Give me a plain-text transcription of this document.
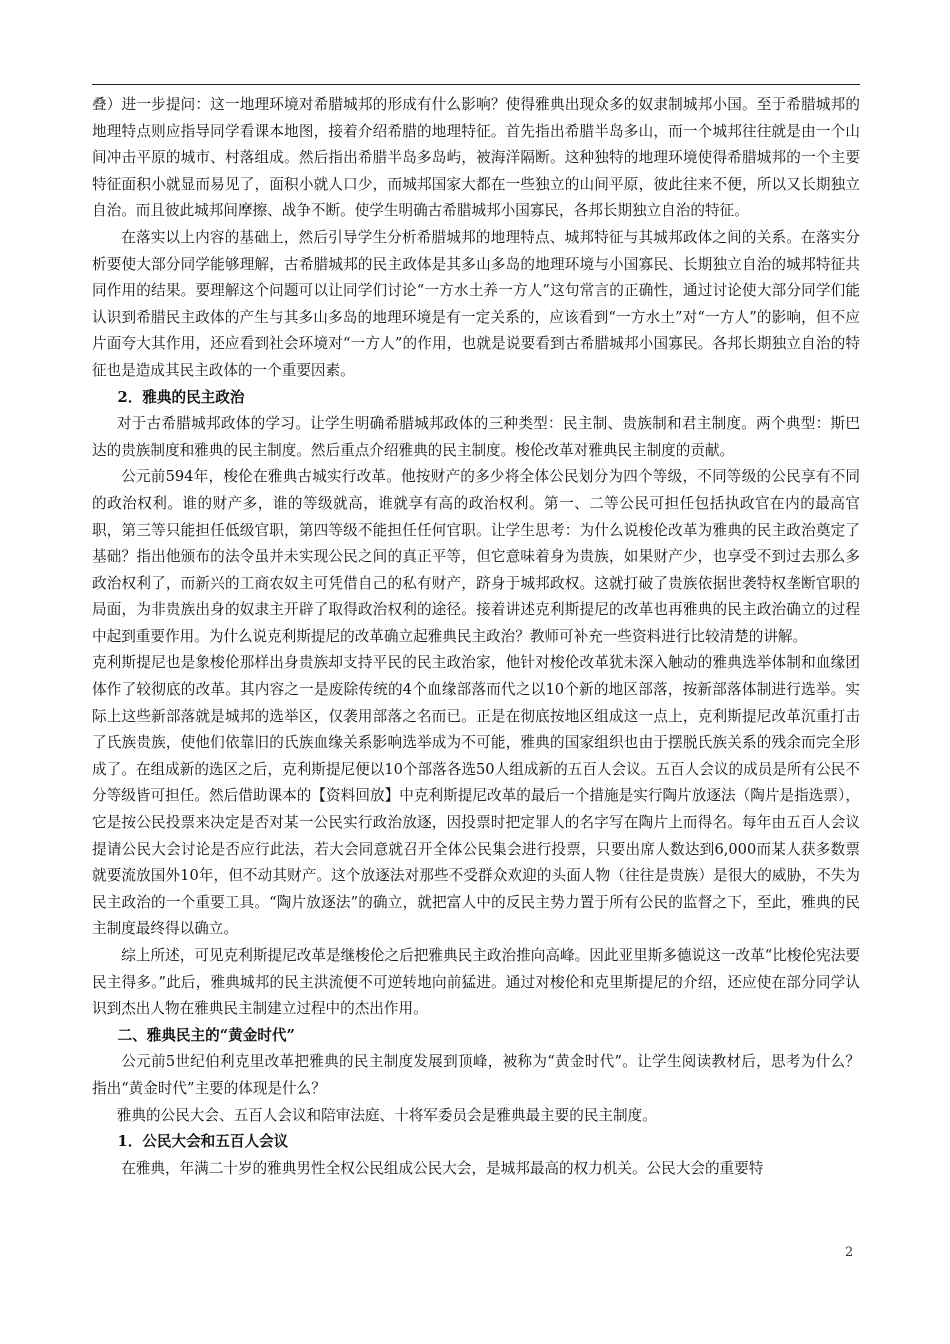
叠）进一步提问：这一地理环境对希腊城邦的形成有什么影响？使得雅典出现众多的奴隶制城邦小国。至于希腊城邦的地理特点则应指导同学看课本地图，接着介绍希腊的地理特征。首先指出希腊半岛多山，而一个城邦往往就是由一个山间冲击平原的城市、村落组成。然后指出希腊半岛多岛屿，被海洋隔断。这种独特的地理环境使得希腊城邦的一个主要特征面积小就显而易见了，面积小就人口少，而城邦国家大都在一些独立的山间平原，彼此往来不便，所以又长期独立自治。而且彼此城邦间摩擦、战争不断。使学生明确古希腊城邦小国寡民，各邦长期独立自治的特征。

在落实以上内容的基础上，然后引导学生分析希腊城邦的地理特点、城邦特征与其城邦政体之间的关系。在落实分析要使大部分同学能够理解，古希腊城邦的民主政体是其多山多岛的地理环境与小国寡民、长期独立自治的城邦特征共同作用的结果。要理解这个问题可以让同学们讨论“一方水土养一方人”这句常言的正确性，通过讨论使大部分同学们能认识到希腊民主政体的产生与其多山多岛的地理环境是有一定关系的，应该看到“一方水土”对“一方人”的影响，但不应片面夸大其作用，还应看到社会环境对“一方人”的作用，也就是说要看到古希腊城邦小国寡民。各邦长期独立自治的特征也是造成其民主政体的一个重要因素。

2．雅典的民主政治

对于古希腊城邦政体的学习。让学生明确希腊城邦政体的三种类型：民主制、贵族制和君主制度。两个典型：斯巴达的贵族制度和雅典的民主制度。然后重点介绍雅典的民主制度。梭伦改革对雅典民主制度的贡献。

公元前594年，梭伦在雅典古城实行改革。他按财产的多少将全体公民划分为四个等级，不同等级的公民享有不同的政治权利。谁的财产多，谁的等级就高，谁就享有高的政治权利。第一、二等公民可担任包括执政官在内的最高官职，第三等只能担任低级官职，第四等级不能担任任何官职。让学生思考：为什么说梭伦改革为雅典的民主政治奠定了基础？指出他颁布的法令虽并未实现公民之间的真正平等，但它意味着身为贵族，如果财产少，也享受不到过去那么多政治权利了，而新兴的工商农奴主可凭借自己的私有财产，跻身于城邦政权。这就打破了贵族依据世袭特权垄断官职的局面，为非贵族出身的奴隶主开辟了取得政治权利的途径。接着讲述克利斯提尼的改革也再雅典的民主政治确立的过程中起到重要作用。为什么说克利斯提尼的改革确立起雅典民主政治？教师可补充一些资料进行比较清楚的讲解。

克利斯提尼也是象梭伦那样出身贵族却支持平民的民主政治家，他针对梭伦改革犹未深入触动的雅典选举体制和血缘团体作了较彻底的改革。其内容之一是废除传统的4个血缘部落而代之以10个新的地区部落，按新部落体制进行选举。实际上这些新部落就是城邦的选举区，仅袭用部落之名而已。正是在彻底按地区组成这一点上，克利斯提尼改革沉重打击了氏族贵族，使他们依靠旧的氏族血缘关系影响选举成为不可能，雅典的国家组织也由于摆脱氏族关系的残余而完全形成了。在组成新的选区之后，克利斯提尼便以10个部落各选50人组成新的五百人会议。五百人会议的成员是所有公民不分等级皆可担任。然后借助课本的【资料回放】中克利斯提尼改革的最后一个措施是实行陶片放逐法（陶片是指选票），它是按公民投票来决定是否对某一公民实行政治放逐，因投票时把定罪人的名字写在陶片上而得名。每年由五百人会议提请公民大会讨论是否应行此法，若大会同意就召开全体公民集会进行投票，只要出席人数达到6,000而某人获多数票就要流放国外10年，但不动其财产。这个放逐法对那些不受群众欢迎的头面人物（往往是贵族）是很大的威胁，不失为民主政治的一个重要工具。“陶片放逐法”的确立，就把富人中的反民主势力置于所有公民的监督之下，至此，雅典的民主制度最终得以确立。

综上所述，可见克利斯提尼改革是继梭伦之后把雅典民主政治推向高峰。因此亚里斯多德说这一改革“比梭伦宪法要民主得多。”此后，雅典城邦的民主洪流便不可逆转地向前猛进。通过对梭伦和克里斯提尼的介绍，还应使在部分同学认识到杰出人物在雅典民主制建立过程中的杰出作用。

二、雅典民主的“黄金时代”

公元前5世纪伯利克里改革把雅典的民主制度发展到顶峰，被称为“黄金时代”。让学生阅读教材后，思考为什么？指出“黄金时代”主要的体现是什么？

雅典的公民大会、五百人会议和陪审法庭、十将军委员会是雅典最主要的民主制度。

1．公民大会和五百人会议

在雅典，年满二十岁的雅典男性全权公民组成公民大会，是城邦最高的权力机关。公民大会的重要特

2
